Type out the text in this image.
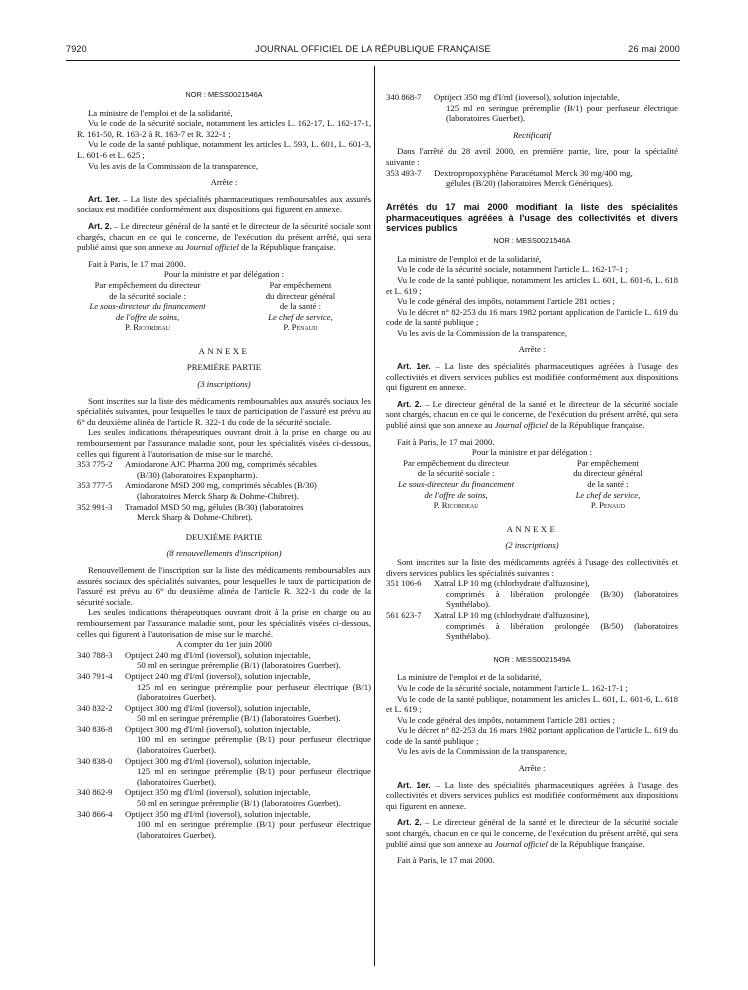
7920	JOURNAL OFFICIEL DE LA RÉPUBLIQUE FRANÇAISE	26 mai 2000

NOR : MESS0021546A

La ministre de l'emploi et de la solidarité,

Vu le code de la sécurité sociale, notamment les articles L. 162-17, L. 162-17-1, R. 161-50, R. 163-2 à R. 163-7 et R. 322-1 ;

Vu le code de la santé publique, notamment les articles L. 593, L. 601, L. 601-3, L. 601-6 et L. 625 ;

Vu les avis de la Commission de la transparence,

Arrête :

Art. 1er. – La liste des spécialités pharmaceutiques remboursables aux assurés sociaux est modifiée conformément aux dispositions qui figurent en annexe.

Art. 2. – Le directeur général de la santé et le directeur de la sécurité sociale sont chargés, chacun en ce qui le concerne, de l'exécution du présent arrêté, qui sera publié ainsi que son annexe au Journal officiel de la République française.

Fait à Paris, le 17 mai 2000.

Pour la ministre et par délégation :

Par empêchement du directeur
de la sécurité sociale :
Le sous-directeur du financement
de l'offre de soins,
P. Ricordeau
Par empêchement
du directeur général
de la santé :
Le chef de service,
P. Penaud

ANNEXE

PREMIÈRE PARTIE

(3 inscriptions)

Sont inscrites sur la liste des médicaments remboursables aux assurés sociaux les spécialités suivantes, pour lesquelles le taux de participation de l'assuré est prévu au 6° du deuxième alinéa de l'article R. 322-1 du code de la sécurité sociale.

Les seules indications thérapeutiques ouvrant droit à la prise en charge ou au remboursement par l'assurance maladie sont, pour les spécialités visées ci-dessous, celles qui figurent à l'autorisation de mise sur le marché.

353 775-2	Amiodarone AJC Pharma 200 mg, comprimés sécables
(B/30) (laboratoires Expanpharm).
353 777-5	Amiodarone MSD 200 mg, comprimés sécables (B/30)
(laboratoires Merck Sharp & Dohme-Chibret).
352 991-3	Tramadol MSD 50 mg, gélules (B/30) (laboratoires
Merck Sharp & Dohme-Chibret).

DEUXIÈME PARTIE

(8 renouvellements d'inscription)

Renouvellement de l'inscription sur la liste des médicaments remboursables aux assurés sociaux des spécialités suivantes, pour lesquelles le taux de participation de l'assuré est prévu au 6° du deuxième alinéa de l'article R. 322-1 du code de la sécurité sociale.

Les seules indications thérapeutiques ouvrant droit à la prise en charge ou au remboursement par l'assurance maladie sont, pour les spécialités visées ci-dessous, celles qui figurent à l'autorisation de mise sur le marché.

A compter du 1er juin 2000

340 788-3	Optiject 240 mg d'I/ml (ioversol), solution injectable,
50 ml en seringue préremplie (B/1) (laboratoires Guerbet).
340 791-4	Optiject 240 mg d'I/ml (ioversol), solution injectable,
125 ml en seringue préremplie pour perfuseur électrique (B/1) (laboratoires Guerbet).
340 832-2	Optiject 300 mg d'I/ml (ioversol), solution injectable,
50 ml en seringue préremplie (B/1) (laboratoires Guerbet).
340 836-8	Optiject 300 mg d'I/ml (ioversol), solution injectable,
100 ml en seringue préremplie (B/1) pour perfuseur électrique (laboratoires Guerbet).
340 838-0	Optiject 300 mg d'I/ml (ioversol), solution injectable,
125 ml en seringue préremplie (B/1) pour perfuseur électrique (laboratoires Guerbet).
340 862-9	Optiject 350 mg d'I/ml (ioversol), solution injectable,
50 ml en seringue préremplie (B/1) (laboratoires Guerbet).
340 866-4	Optiject 350 mg d'I/ml (ioversol), solution injectable,
100 ml en seringue préremplie (B/1) pour perfuseur électrique (laboratoires Guerbet).
340 868-7	Optiject 350 mg d'I/ml (ioversol), solution injectable,
125 ml en seringue préremplie (B/1) pour perfuseur électrique (laboratoires Guerbet).

Rectificatif

Dans l'arrêté du 28 avril 2000, en première partie, lire, pour la spécialité suivante :

353 493-7	Dextropropoxyphène Paracétamol Merck 30 mg/400 mg,
gélules (B/20) (laboratoires Merck Génériques).

Arrêtés du 17 mai 2000 modifiant la liste des spécialités pharmaceutiques agréées à l'usage des collectivités et divers services publics

NOR : MESS0021546A

La ministre de l'emploi et de la solidarité,

Vu le code de la sécurité sociale, notamment l'article L. 162-17-1 ;

Vu le code de la santé publique, notamment les articles L. 601, L. 601-6, L. 618 et L. 619 ;

Vu le code général des impôts, notamment l'article 281 octies ;

Vu le décret n° 82-253 du 16 mars 1982 portant application de l'article L. 619 du code de la santé publique ;

Vu les avis de la Commission de la transparence,

Arrête :

Art. 1er. – La liste des spécialités pharmaceutiques agréées à l'usage des collectivités et divers services publics est modifiée conformément aux dispositions qui figurent en annexe.

Art. 2. – Le directeur général de la santé et le directeur de la sécurité sociale sont chargés, chacun en ce qui le concerne, de l'exécution du présent arrêté, qui sera publié ainsi que son annexe au Journal officiel de la République française.

Fait à Paris, le 17 mai 2000.

Pour la ministre et par délégation :

Par empêchement du directeur
de la sécurité sociale :
Le sous-directeur du financement
de l'offre de soins,
P. Ricordeau
Par empêchement
du directeur général
de la santé :
Le chef de service,
P. Penaud

ANNEXE

(2 inscriptions)

Sont inscrites sur la liste des médicaments agréés à l'usage des collectivités et divers services publics les spécialités suivantes :

351 106-6	Xatral LP 10 mg (chlorhydrate d'alfuzosine),
comprimés à libération prolongée (B/30) (laboratoires Synthélabo).
561 623-7	Xatral LP 10 mg (chlorhydrate d'alfuzosine),
comprimés à libération prolongée (B/50) (laboratoires Synthélabo).

NOR : MESS0021549A

La ministre de l'emploi et de la solidarité,

Vu le code de la sécurité sociale, notamment l'article L. 162-17-1 ;

Vu le code de la santé publique, notamment les articles L. 601, L. 601-6, L. 618 et L. 619 ;

Vu le code général des impôts, notamment l'article 281 octies ;

Vu le décret n° 82-253 du 16 mars 1982 portant application de l'article L. 619 du code de la santé publique ;

Vu les avis de la Commission de la transparence,

Arrête :

Art. 1er. – La liste des spécialités pharmaceutiques agréées à l'usage des collectivités et divers services publics est modifiée conformément aux dispositions qui figurent en annexe.

Art. 2. – Le directeur général de la santé et le directeur de la sécurité sociale sont chargés, chacun en ce qui le concerne, de l'exécution du présent arrêté, qui sera publié ainsi que son annexe au Journal officiel de la République française.

Fait à Paris, le 17 mai 2000.
